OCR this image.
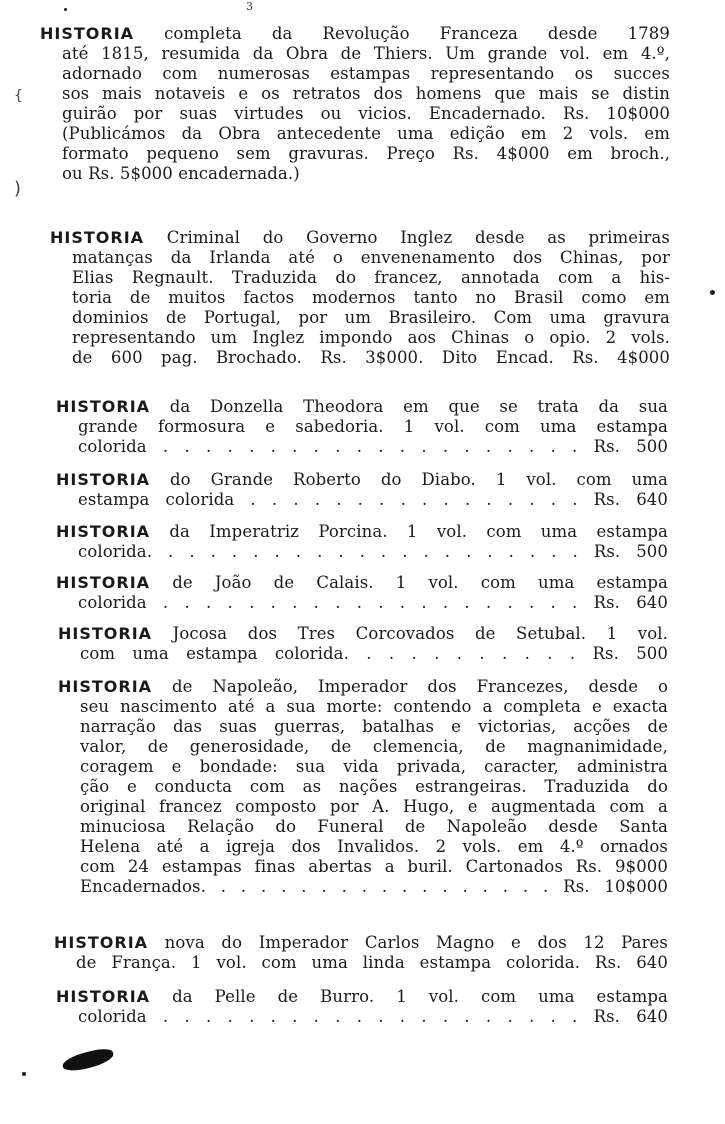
3
HISTORIA completa da Revolução Franceza desde 1789
até 1815, resumida da Obra de Thiers. Um grande vol. em 4.º,
adornado com numerosas estampas representando os succes
sos mais notaveis e os retratos dos homens que mais se distin
guirão por suas virtudes ou vicios. Encadernado. Rs. 10$000
(Publicámos da Obra antecedente uma edição em 2 vols. em
formato pequeno sem gravuras. Preço Rs. 4$000 em broch.,
ou Rs. 5$000 encadernada.)
HISTORIA Criminal do Governo Inglez desde as primeiras
matanças da Irlanda até o envenenamento dos Chinas, por
Elias Regnault. Traduzida do francez, annotada com a his-
toria de muitos factos modernos tanto no Brasil como em
dominios de Portugal, por um Brasileiro. Com uma gravura
representando um Inglez impondo aos Chinas o opio. 2 vols.
de 600 pag. Brochado. Rs. 3$000. Dito Encad. Rs. 4$000
HISTORIA da Donzella Theodora em que se trata da sua
grande formosura e sabedoria. 1 vol. com uma estampa
colorida . . . . . . . . . . . . . . . . . . . . Rs. 500
HISTORIA do Grande Roberto do Diabo. 1 vol. com uma
estampa colorida . . . . . . . . . . . . . . . . Rs. 640
HISTORIA da Imperatriz Porcina. 1 vol. com uma estampa
colorida. . . . . . . . . . . . . . . . . . . . . Rs. 500
HISTORIA de João de Calais. 1 vol. com uma estampa
colorida . . . . . . . . . . . . . . . . . . . . Rs. 640
HISTORIA Jocosa dos Tres Corcovados de Setubal. 1 vol.
com uma estampa colorida. . . . . . . . . . . Rs. 500
HISTORIA de Napoleão, Imperador dos Francezes, desde o
seu nascimento até a sua morte: contendo a completa e exacta
narração das suas guerras, batalhas e victorias, acções de
valor, de generosidade, de clemencia, de magnanimidade,
coragem e bondade: sua vida privada, caracter, administra
ção e conducta com as nações estrangeiras. Traduzida do
original francez composto por A. Hugo, e augmentada com a
minuciosa Relação do Funeral de Napoleão desde Santa
Helena até a igreja dos Invalidos. 2 vols. em 4.º ornados
com 24 estampas finas abertas a buril. Cartonados Rs. 9$000
Encadernados. . . . . . . . . . . . . . . . . . Rs. 10$000
HISTORIA nova do Imperador Carlos Magno e dos 12 Pares
de França. 1 vol. com uma linda estampa colorida. Rs. 640
HISTORIA da Pelle de Burro. 1 vol. com uma estampa
colorida . . . . . . . . . . . . . . . . . . . . Rs. 640
)
{
